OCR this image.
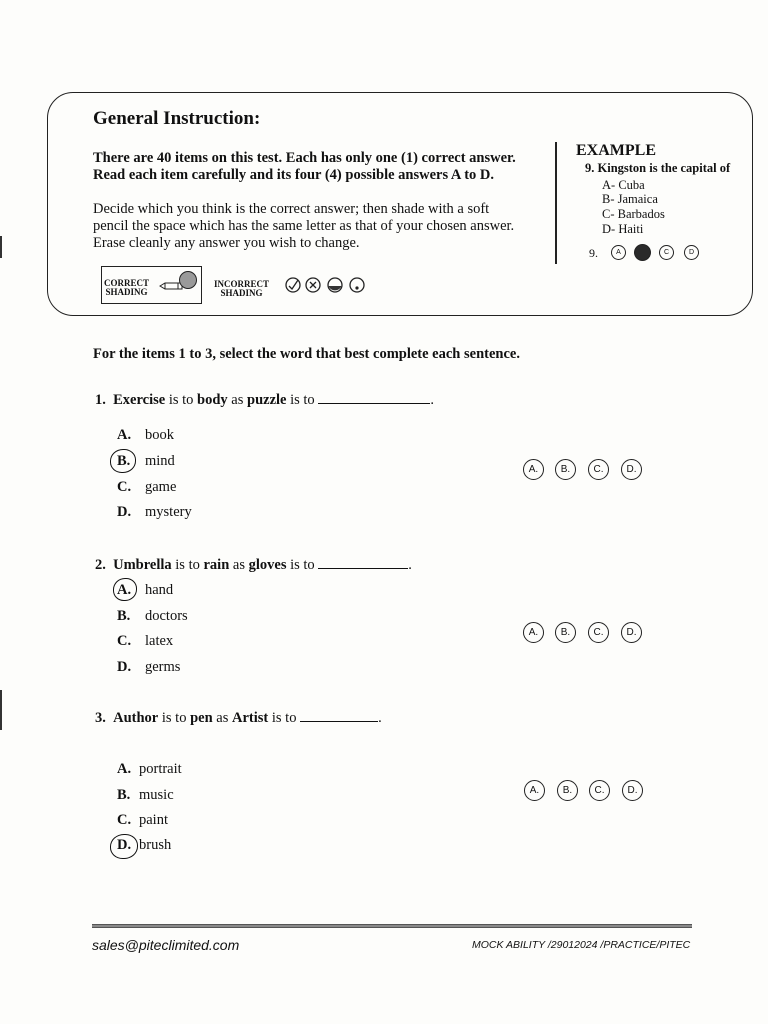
General Instruction:
There are 40 items on this test. Each has only one (1) correct answer.
Read each item carefully and its four (4) possible answers A to D.
Decide which you think is the correct answer; then shade with a soft
pencil the space which has the same letter as that of your chosen answer.
Erase cleanly any answer you wish to change.
EXAMPLE
9. Kingston is the capital of
A- Cuba
B- Jamaica
C- Barbados
D- Haiti
9.	A	C	D
CORRECT
SHADING
INCORRECT
SHADING
For the items 1 to 3, select the word that best complete each sentence.
1. Exercise is to body as puzzle is to	.
A. book
B.	mind
C. game
D. mystery
A.	B.	C.	D.
2. Umbrella is to rain as gloves is to	.
A. hand
B.	doctors
C. latex
D. germs
A.	B.	C.	D.
3. Author is to pen as Artist is to	.
A. portrait
B. music
C. paint
D. brush
A.	B.	C.	D.
sales@piteclimited.com	MOCK ABILITY /29012024 /PRACTICE/PITEC
